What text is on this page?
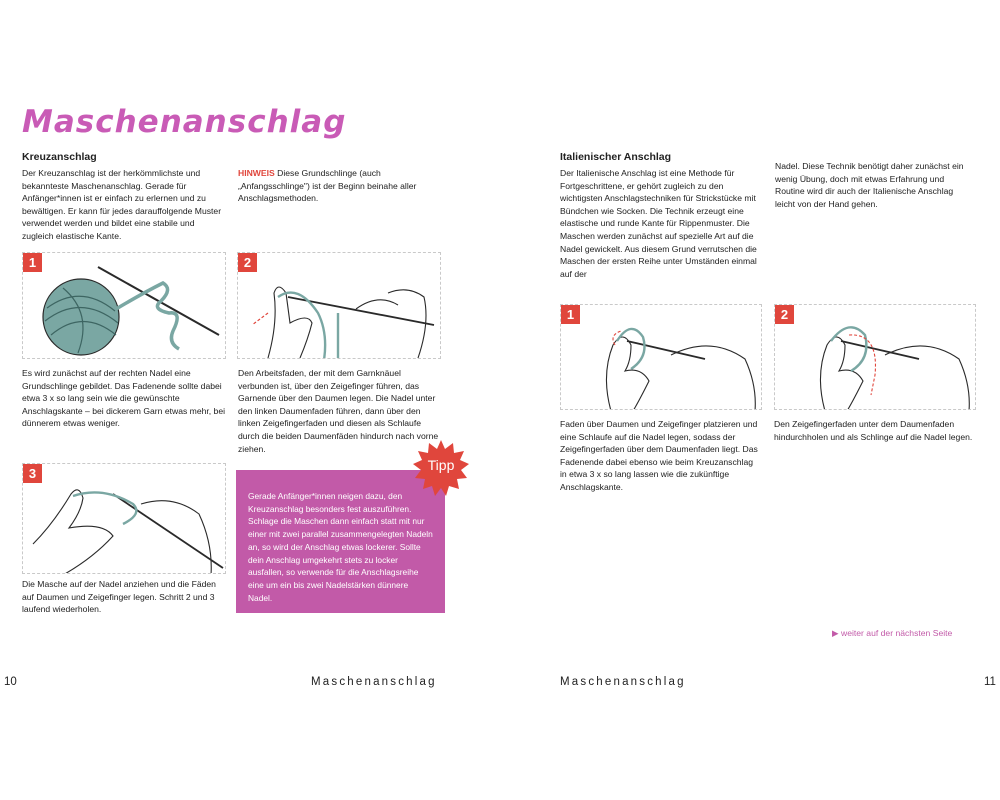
Maschenanschlag
Kreuzanschlag
Der Kreuzanschlag ist der herkömmlichste und bekannteste Maschenanschlag. Gerade für Anfänger*innen ist er einfach zu erlernen und zu bewältigen. Er kann für jedes darauffolgende Muster verwendet werden und bildet eine stabile und zugleich elastische Kante.
HINWEIS Diese Grundschlinge (auch „Anfangsschlinge") ist der Beginn beinahe aller Anschlagsmethoden.
1
Es wird zunächst auf der rechten Nadel eine Grundschlinge gebildet. Das Fadenende sollte dabei etwa 3 x so lang sein wie die gewünschte Anschlagskante – bei dickerem Garn etwas mehr, bei dünnerem etwas weniger.
2
Den Arbeitsfaden, der mit dem Garnknäuel verbunden ist, über den Zeigefinger führen, das Garnende über den Daumen legen. Die Nadel unter den linken Daumenfaden führen, dann über den linken Zeigefingerfaden und diesen als Schlaufe durch die beiden Daumenfäden hindurch nach vorne ziehen.
3
Die Masche auf der Nadel anziehen und die Fäden auf Daumen und Zeigefinger legen. Schritt 2 und 3 laufend wiederholen.
Gerade Anfänger*innen neigen dazu, den Kreuzanschlag besonders fest auszuführen. Schlage die Maschen dann einfach statt mit nur einer mit zwei parallel zusammengelegten Nadeln an, so wird der Anschlag etwas lockerer. Sollte dein Anschlag umgekehrt stets zu locker ausfallen, so verwende für die Anschlagsreihe eine um ein bis zwei Nadelstärken dünnere Nadel.
Tipp
10	Maschenanschlag
Italienischer Anschlag
Der Italienische Anschlag ist eine Methode für Fortgeschrittene, er gehört zugleich zu den wichtigsten Anschlagstechniken für Strickstücke mit Bündchen wie Socken. Die Technik erzeugt eine elastische und runde Kante für Rippenmuster. Die Maschen werden zunächst auf spezielle Art auf die Nadel gewickelt. Aus diesem Grund verrutschen die Maschen der ersten Reihe unter Umständen einmal auf der
Nadel. Diese Technik benötigt daher zunächst ein wenig Übung, doch mit etwas Erfahrung und Routine wird dir auch der Italienische Anschlag leicht von der Hand gehen.
1
Faden über Daumen und Zeigefinger platzieren und eine Schlaufe auf die Nadel legen, sodass der Zeigefingerfaden über dem Daumenfaden liegt. Das Fadenende dabei ebenso wie beim Kreuzanschlag in etwa 3 x so lang lassen wie die zukünftige Anschlagskante.
2
Den Zeigefingerfaden unter dem Daumenfaden hindurchholen und als Schlinge auf die Nadel legen.
▶ weiter auf der nächsten Seite
Maschenanschlag	11
